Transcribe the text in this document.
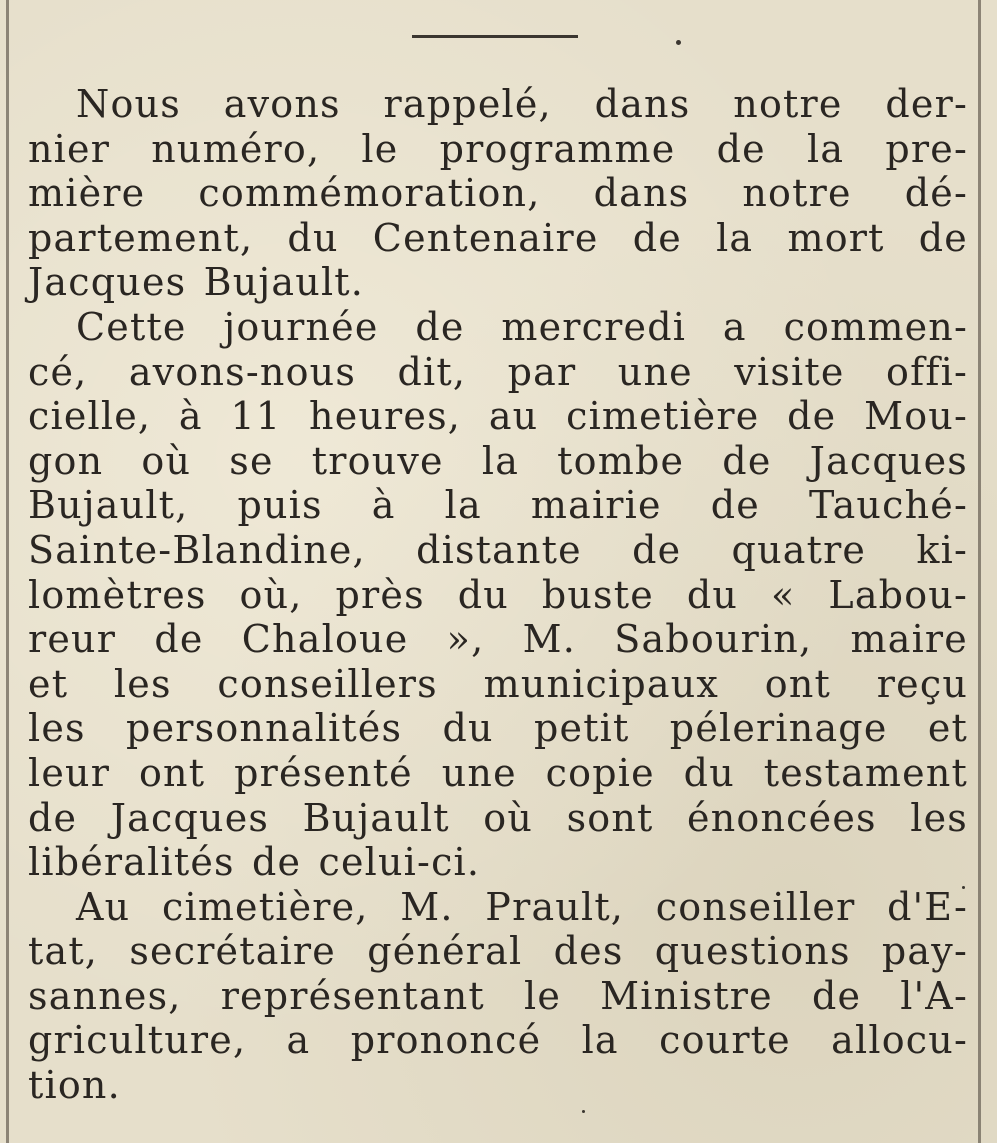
Nous avons rappelé, dans notre der-
nier numéro, le programme de la pre-
mière commémoration, dans notre dé-
partement, du Centenaire de la mort de
Jacques Bujault.
Cette journée de mercredi a commen-
cé, avons-nous dit, par une visite offi-
cielle, à 11 heures, au cimetière de Mou-
gon où se trouve la tombe de Jacques
Bujault, puis à la mairie de Tauché-
Sainte-Blandine, distante de quatre ki-
lomètres où, près du buste du « Labou-
reur de Chaloue », M. Sabourin, maire
et les conseillers municipaux ont reçu
les personnalités du petit pélerinage et
leur ont présenté une copie du testament
de Jacques Bujault où sont énoncées les
libéralités de celui-ci.
Au cimetière, M. Prault, conseiller d'E-
tat, secrétaire général des questions pay-
sannes, représentant le Ministre de l'A-
griculture, a prononcé la courte allocu-
tion.
